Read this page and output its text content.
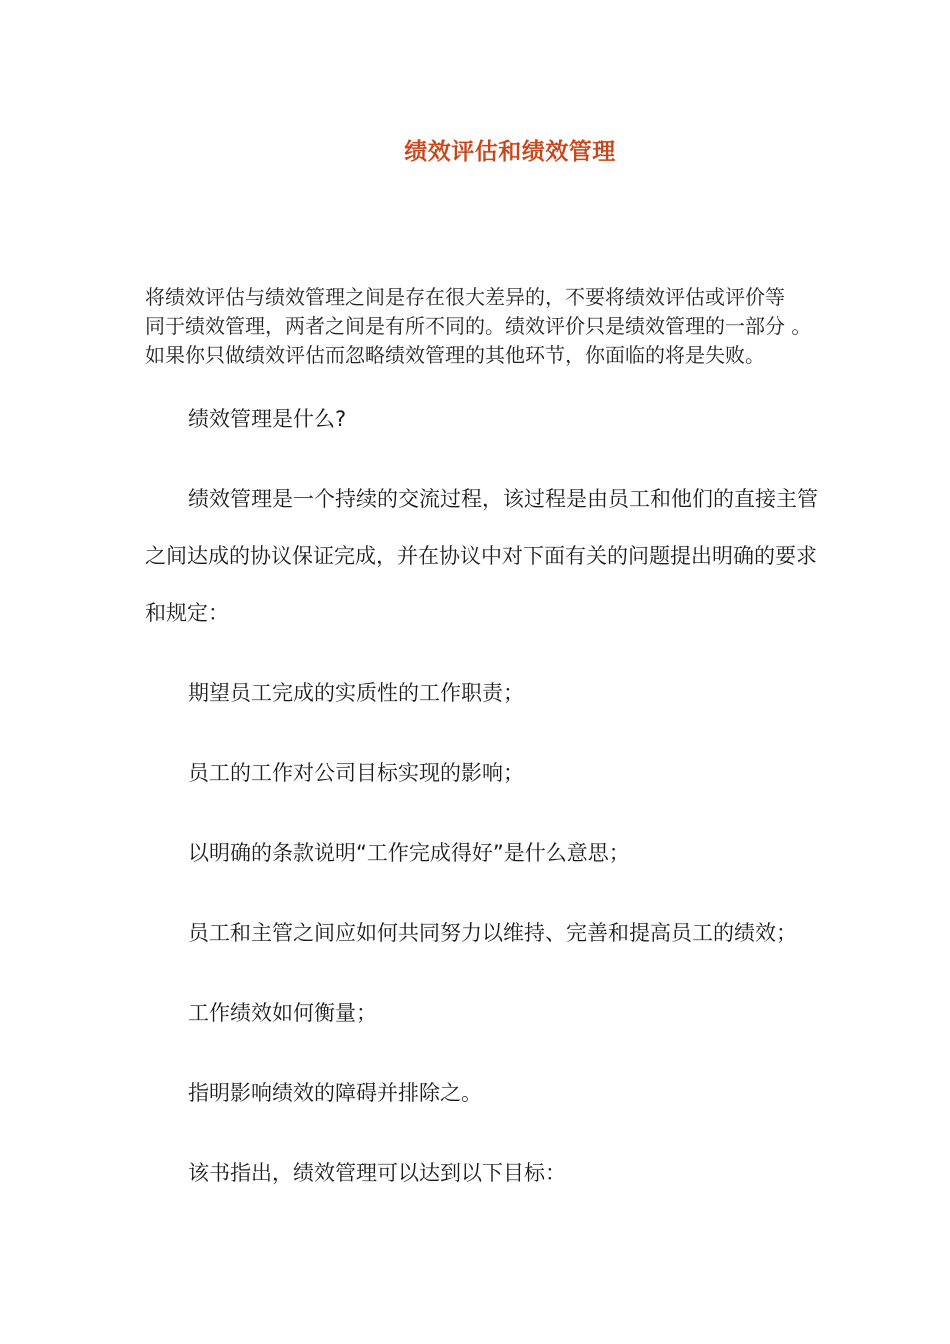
绩效评估和绩效管理
将绩效评估与绩效管理之间是存在很大差异的，不要将绩效评估或评价等
同于绩效管理，两者之间是有所不同的。绩效评价只是绩效管理的一部分 。
如果你只做绩效评估而忽略绩效管理的其他环节，你面临的将是失败。
绩效管理是什么?
绩效管理是一个持续的交流过程，该过程是由员工和他们的直接主管
之间达成的协议保证完成，并在协议中对下面有关的问题提出明确的要求
和规定：
期望员工完成的实质性的工作职责；
员工的工作对公司目标实现的影响；
以明确的条款说明“工作完成得好”是什么意思；
员工和主管之间应如何共同努力以维持、完善和提高员工的绩效；
工作绩效如何衡量；
指明影响绩效的障碍并排除之。
该书指出，绩效管理可以达到以下目标：
